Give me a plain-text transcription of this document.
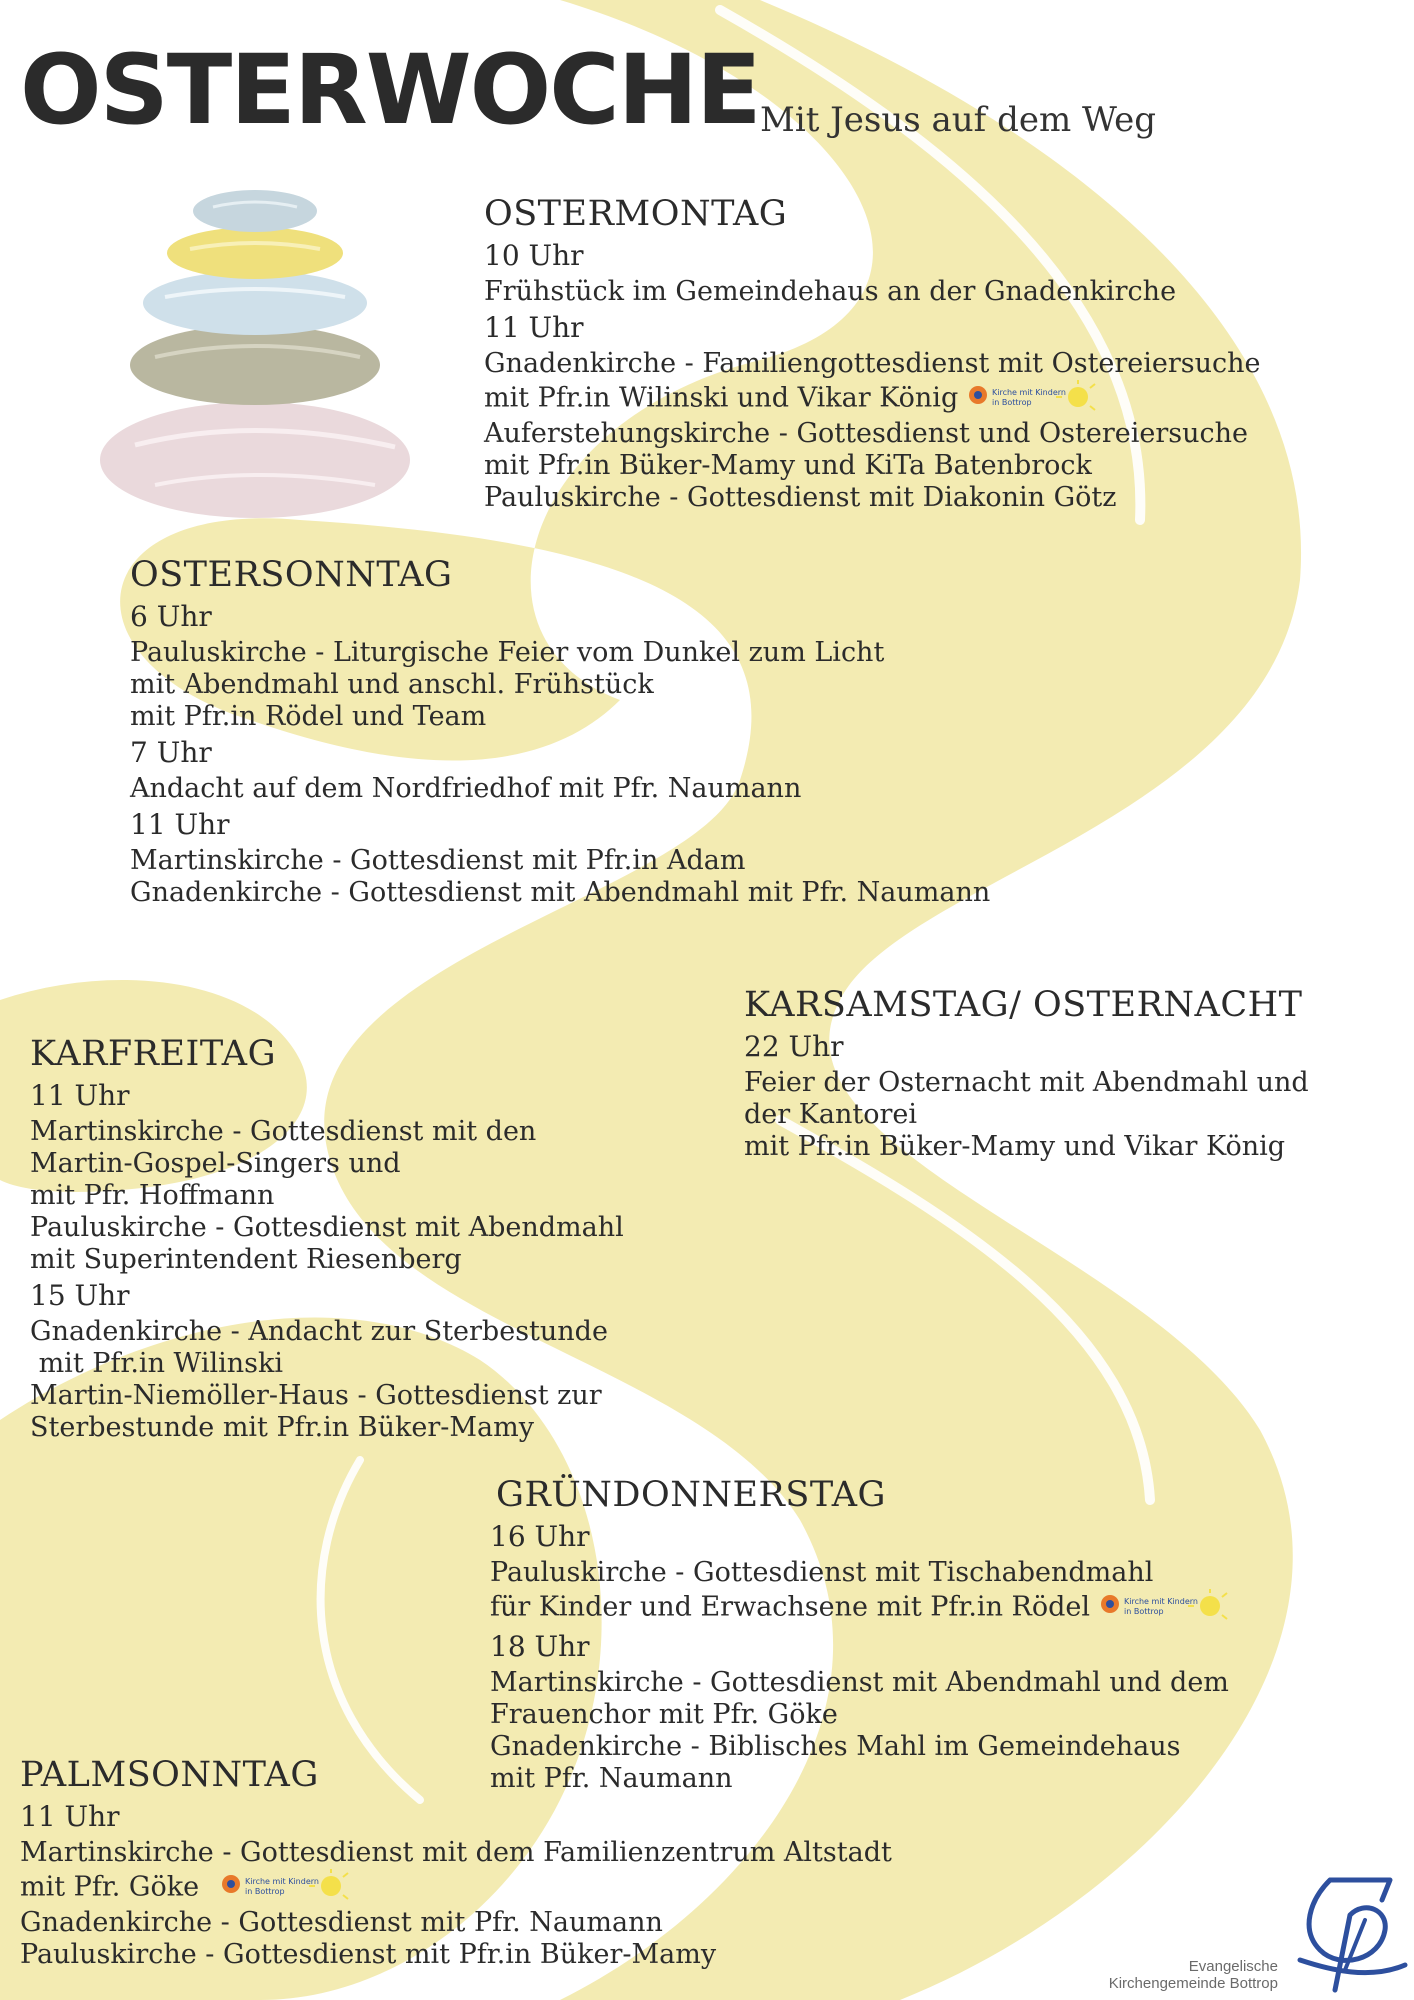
OSTERWOCHE Mit Jesus auf dem Weg
OSTERMONTAG
10 Uhr
Frühstück im Gemeindehaus an der Gnadenkirche
11 Uhr
Gnadenkirche - Familiengottesdienst mit Ostereiersuche
mit Pfr.in Wilinski und Vikar König	Kirche mit Kindern
in Bottrop
Auferstehungskirche - Gottesdienst und Ostereiersuche
mit Pfr.in Büker-Mamy und KiTa Batenbrock
Pauluskirche - Gottesdienst mit Diakonin Götz
OSTERSONNTAG
6 Uhr
Pauluskirche - Liturgische Feier vom Dunkel zum Licht
mit Abendmahl und anschl. Frühstück
mit Pfr.in Rödel und Team
7 Uhr
Andacht auf dem Nordfriedhof mit Pfr. Naumann
11 Uhr
Martinskirche - Gottesdienst mit Pfr.in Adam
Gnadenkirche - Gottesdienst mit Abendmahl mit Pfr. Naumann
KARSAMSTAG/ OSTERNACHT
22 Uhr
Feier der Osternacht mit Abendmahl und
der Kantorei
mit Pfr.in Büker-Mamy und Vikar König
KARFREITAG
11 Uhr
Martinskirche - Gottesdienst mit den
Martin-Gospel-Singers und
mit Pfr. Hoffmann
Pauluskirche - Gottesdienst mit Abendmahl
mit Superintendent Riesenberg
15 Uhr
Gnadenkirche - Andacht zur Sterbestunde
mit Pfr.in Wilinski
Martin-Niemöller-Haus - Gottesdienst zur
Sterbestunde mit Pfr.in Büker-Mamy
GRÜNDONNERSTAG
16 Uhr
Pauluskirche - Gottesdienst mit Tischabendmahl
für Kinder und Erwachsene mit Pfr.in Rödel	Kirche mit Kindern
in Bottrop
18 Uhr
Martinskirche - Gottesdienst mit Abendmahl und dem
Frauenchor mit Pfr. Göke
Gnadenkirche - Biblisches Mahl im Gemeindehaus
mit Pfr. Naumann
PALMSONNTAG
11 Uhr
Martinskirche - Gottesdienst mit dem Familienzentrum Altstadt
mit Pfr. Göke	Kirche mit Kindern
in Bottrop
Gnadenkirche - Gottesdienst mit Pfr. Naumann
Pauluskirche - Gottesdienst mit Pfr.in Büker-Mamy	Evangelische
Kirchengemeinde Bottrop
